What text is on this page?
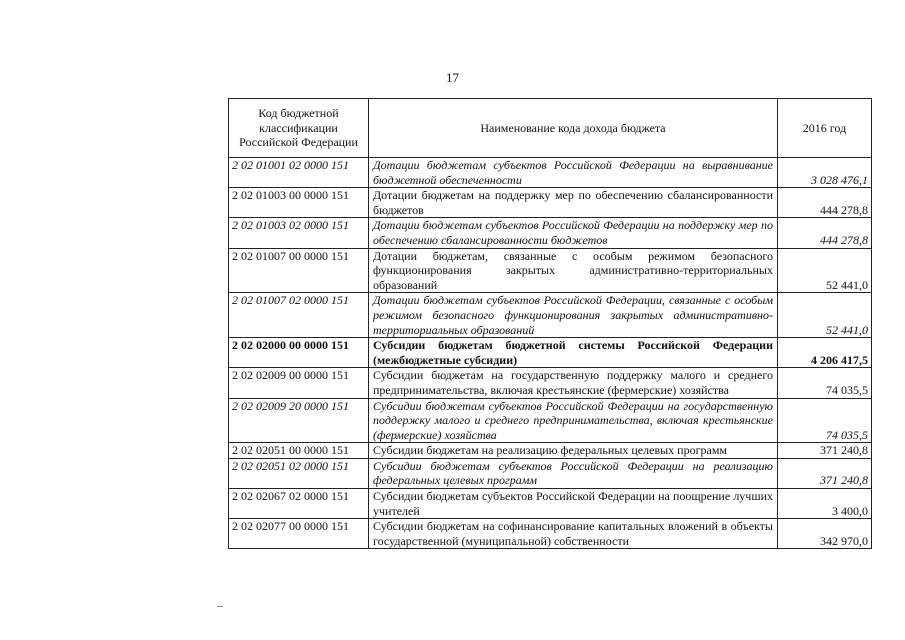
17
Код бюджетной классификации Российской Федерации	Наименование кода дохода бюджета	2016 год
2 02 01001 02 0000 151	Дотации бюджетам субъектов Российской Федерации на выравнивание бюджетной обеспеченности	3 028 476,1
2 02 01003 00 0000 151	Дотации бюджетам на поддержку мер по обеспечению сбалансированности бюджетов	444 278,8
2 02 01003 02 0000 151	Дотации бюджетам субъектов Российской Федерации на поддержку мер по обеспечению сбалансированности бюджетов	444 278,8
2 02 01007 00 0000 151	Дотации бюджетам, связанные с особым режимом безопасного функционирования закрытых административно-территориальных образований	52 441,0
2 02 01007 02 0000 151	Дотации бюджетам субъектов Российской Федерации, связанные с особым режимом безопасного функционирования закрытых административно-территориальных образований	52 441,0
2 02 02000 00 0000 151	Субсидии бюджетам бюджетной системы Российской Федерации (межбюджетные субсидии)	4 206 417,5
2 02 02009 00 0000 151	Субсидии бюджетам на государственную поддержку малого и среднего предпринимательства, включая крестьянские (фермерские) хозяйства	74 035,5
2 02 02009 20 0000 151	Субсидии бюджетам субъектов Российской Федерации на государственную поддержку малого и среднего предпринимательства, включая крестьянские (фермерские) хозяйства	74 035,5
2 02 02051 00 0000 151	Субсидии бюджетам на реализацию федеральных целевых программ	371 240,8
2 02 02051 02 0000 151	Субсидии бюджетам субъектов Российской Федерации на реализацию федеральных целевых программ	371 240,8
2 02 02067 02 0000 151	Субсидии бюджетам субъектов Российской Федерации на поощрение лучших учителей	3 400,0
2 02 02077 00 0000 151	Субсидии бюджетам на софинансирование капитальных вложений в объекты государственной (муниципальной) собственности	342 970,0
